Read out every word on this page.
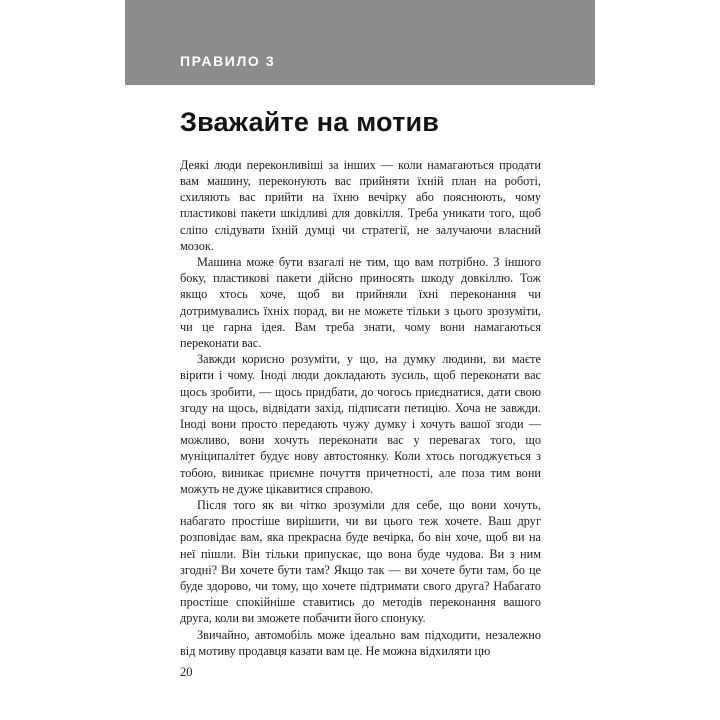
ПРАВИЛО 3
Зважайте на мотив

Деякі люди переконливіші за інших — коли намагаються продати вам машину, переконують вас прийняти їхній план на роботі, схиляють вас прийти на їхню вечірку або пояснюють, чому пластикові пакети шкідливі для довкілля. Треба уникати того, щоб сліпо слідувати їхній думці чи стратегії, не залучаючи власний мозок.

Машина може бути взагалі не тим, що вам потрібно. З іншого боку, пластикові пакети дійсно приносять шкоду довкіллю. Тож якщо хтось хоче, щоб ви прийняли їхні переконання чи дотримувались їхніх порад, ви не можете тільки з цього зрозуміти, чи це гарна ідея. Вам треба знати, чому вони намагаються переконати вас.

Завжди корисно розуміти, у що, на думку людини, ви маєте вірити і чому. Іноді люди докладають зусиль, щоб переконати вас щось зробити, — щось придбати, до чогось приєднатися, дати свою згоду на щось, відвідати захід, підписати петицію. Хоча не завжди. Іноді вони просто передають чужу думку і хочуть вашої згоди — можливо, вони хочуть переконати вас у перевагах того, що муніципалітет будує нову автостоянку. Коли хтось погоджується з тобою, виникає приємне почуття причетності, але поза тим вони можуть не дуже цікавитися справою.

Після того як ви чітко зрозуміли для себе, що вони хочуть, набагато простіше вирішити, чи ви цього теж хочете. Ваш друг розповідає вам, яка прекрасна буде вечірка, бо він хоче, щоб ви на неї пішли. Він тільки припускає, що вона буде чудова. Ви з ним згодні? Ви хочете бути там? Якщо так — ви хочете бути там, бо це буде здорово, чи тому, що хочете підтримати свого друга? Набагато простіше спокійніше ставитись до методів переконання вашого друга, коли ви зможете побачити його спонуку.

Звичайно, автомобіль може ідеально вам підходити, незалежно від мотиву продавця казати вам це. Не можна відхиляти цю

20
